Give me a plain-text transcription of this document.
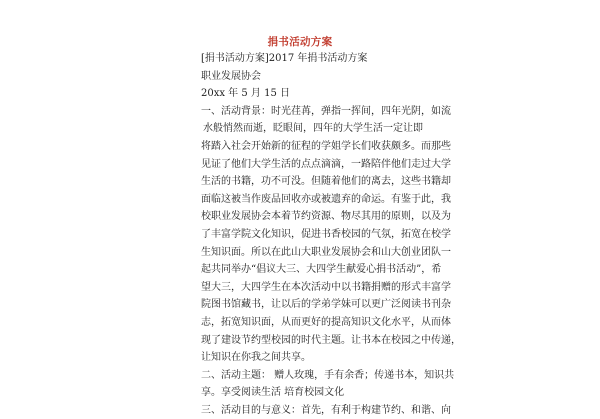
捐书活动方案
[捐书活动方案]2017 年捐书活动方案
职业发展协会
20xx 年 5 月 15 日
一、活动背景：时光荏苒，弹指一挥间，四年光阴，如流
水般悄然而逝，眨眼间，四年的大学生活一定让即
将踏入社会开始新的征程的学姐学长们收获颇多。而那些
见证了他们大学生活的点点滴滴，一路陪伴他们走过大学
生活的书籍，功不可没。但随着他们的离去，这些书籍却
面临这被当作废品回收亦或被遗弃的命运。有鉴于此，我
校职业发展协会本着节约资源、物尽其用的原则，以及为
了丰富学院文化知识，促进书香校园的气氛，拓宽在校学
生知识面。所以在此山大职业发展协会和山大创业团队一
起共同举办“倡议大三、大四学生献爱心捐书活动”，希
望大三，大四学生在本次活动中以书籍捐赠的形式丰富学
院图书馆藏书，让以后的学弟学妹可以更广泛阅读书刊杂
志，拓宽知识面，从而更好的提高知识文化水平，从而体
现了建设节约型校园的时代主题。让书本在校园之中传递，
让知识在你我之间共享。
二、活动主题： 赠人玫瑰，手有余香；传递书本，知识共
享。享受阅读生活 培育校园文化
三、活动目的与意义：首先，有利于构建节约、和谐、向
